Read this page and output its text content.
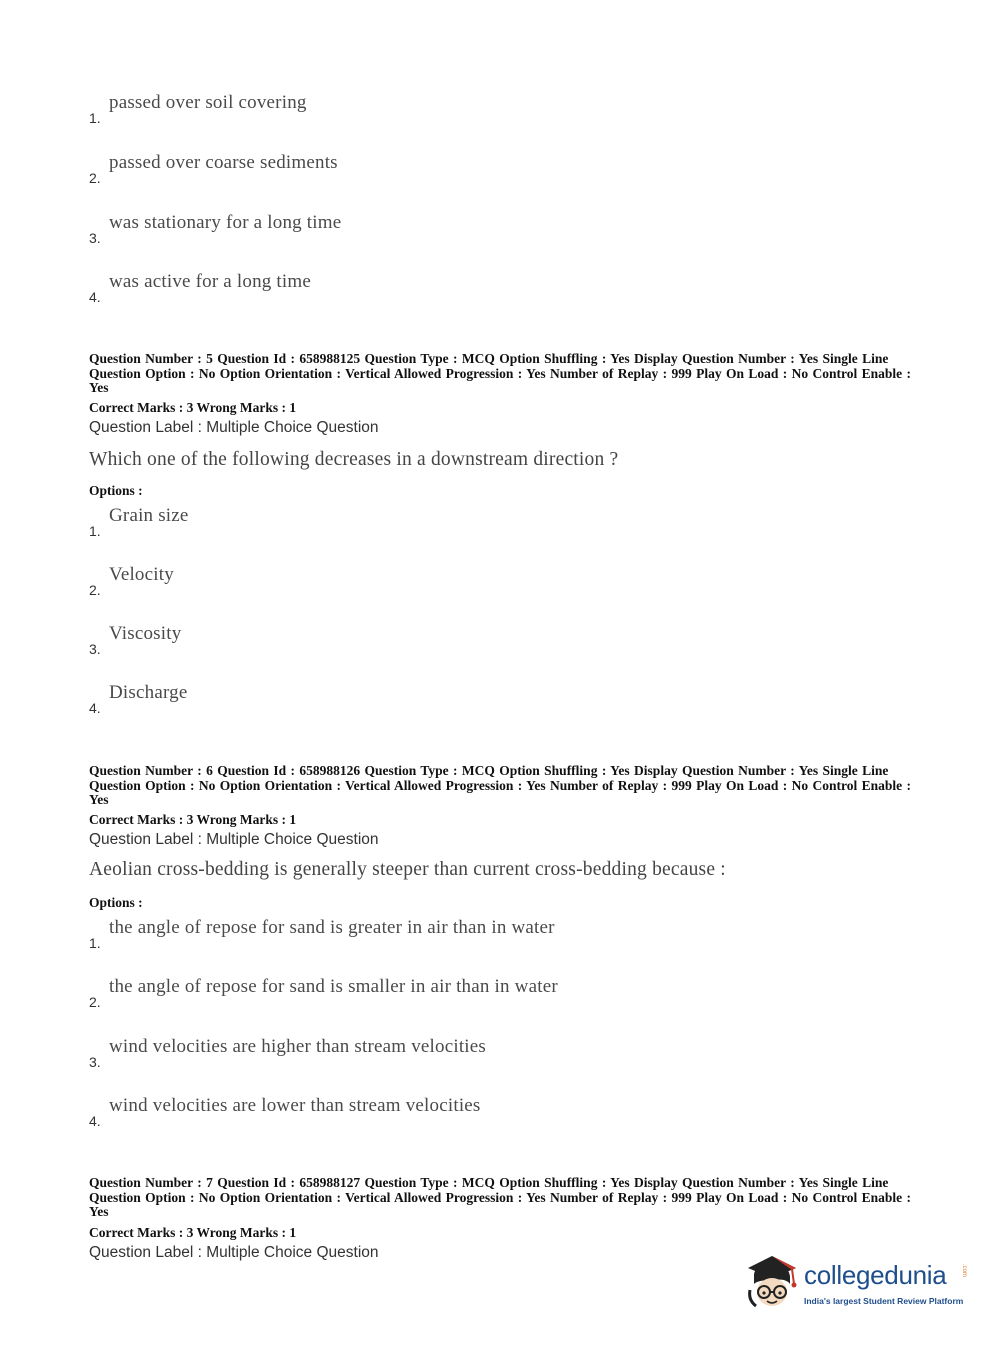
1.
passed over soil covering
2.
passed over coarse sediments
3.
was stationary for a long time
4.
was active for a long time
Question Number : 5 Question Id : 658988125 Question Type : MCQ Option Shuffling : Yes Display Question Number : Yes Single Line Question Option : No Option Orientation : Vertical Allowed Progression : Yes Number of Replay : 999 Play On Load : No Control Enable : Yes
Correct Marks : 3 Wrong Marks : 1
Question Label : Multiple Choice Question
Which one of the following decreases in a downstream direction ?
Options :
1.
Grain size
2.
Velocity
3.
Viscosity
4.
Discharge
Question Number : 6 Question Id : 658988126 Question Type : MCQ Option Shuffling : Yes Display Question Number : Yes Single Line Question Option : No Option Orientation : Vertical Allowed Progression : Yes Number of Replay : 999 Play On Load : No Control Enable : Yes
Correct Marks : 3 Wrong Marks : 1
Question Label : Multiple Choice Question
Aeolian cross-bedding is generally steeper than current cross-bedding because :
Options :
1.
the angle of repose for sand is greater in air than in water
2.
the angle of repose for sand is smaller in air than in water
3.
wind velocities are higher than stream velocities
4.
wind velocities are lower than stream velocities
Question Number : 7 Question Id : 658988127 Question Type : MCQ Option Shuffling : Yes Display Question Number : Yes Single Line Question Option : No Option Orientation : Vertical Allowed Progression : Yes Number of Replay : 999 Play On Load : No Control Enable : Yes
Correct Marks : 3 Wrong Marks : 1
Question Label : Multiple Choice Question
collegedunia .com
India's largest Student Review Platform
